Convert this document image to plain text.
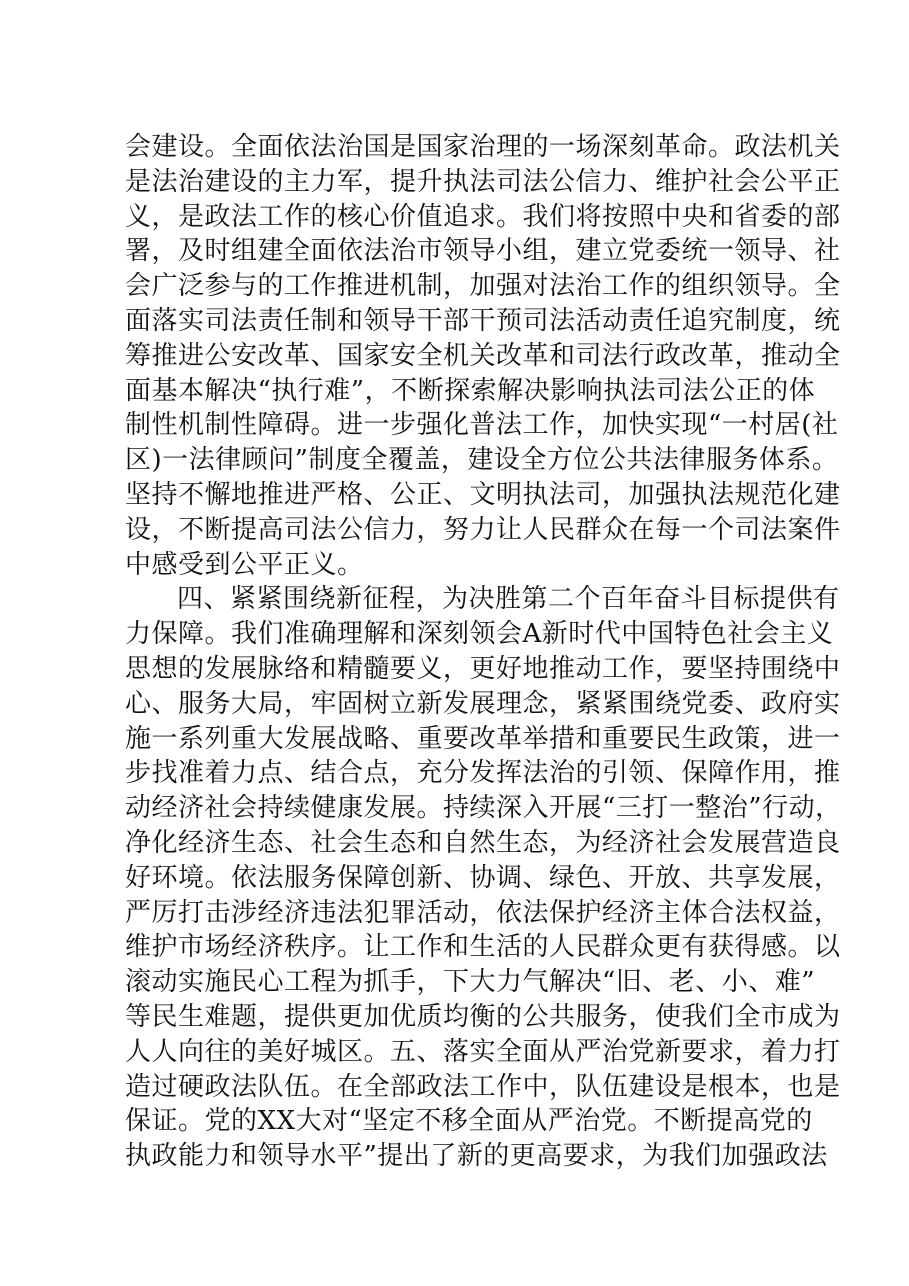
会建设。全面依法治国是国家治理的一场深刻革命。政法机关
是法治建设的主力军，提升执法司法公信力、维护社会公平正
义，是政法工作的核心价值追求。我们将按照中央和省委的部
署，及时组建全面依法治市领导小组，建立党委统一领导、社
会广泛参与的工作推进机制，加强对法治工作的组织领导。全
面落实司法责任制和领导干部干预司法活动责任追究制度，统
筹推进公安改革、国家安全机关改革和司法行政改革，推动全
面基本解决“执行难”，不断探索解决影响执法司法公正的体
制性机制性障碍。进一步强化普法工作，加快实现“一村居(社
区)一法律顾问”制度全覆盖，建设全方位公共法律服务体系。
坚持不懈地推进严格、公正、文明执法司，加强执法规范化建
设，不断提高司法公信力，努力让人民群众在每一个司法案件
中感受到公平正义。
四、紧紧围绕新征程，为决胜第二个百年奋斗目标提供有
力保障。我们准确理解和深刻领会A新时代中国特色社会主义
思想的发展脉络和精髓要义，更好地推动工作，要坚持围绕中
心、服务大局，牢固树立新发展理念，紧紧围绕党委、政府实
施一系列重大发展战略、重要改革举措和重要民生政策，进一
步找准着力点、结合点，充分发挥法治的引领、保障作用，推
动经济社会持续健康发展。持续深入开展“三打一整治”行动，
净化经济生态、社会生态和自然生态，为经济社会发展营造良
好环境。依法服务保障创新、协调、绿色、开放、共享发展，
严厉打击涉经济违法犯罪活动，依法保护经济主体合法权益，
维护市场经济秩序。让工作和生活的人民群众更有获得感。以
滚动实施民心工程为抓手，下大力气解决“旧、老、小、难”
等民生难题，提供更加优质均衡的公共服务，使我们全市成为
人人向往的美好城区。五、落实全面从严治党新要求，着力打
造过硬政法队伍。在全部政法工作中，队伍建设是根本，也是
保证。党的XX大对“坚定不移全面从严治党。不断提高党的
执政能力和领导水平”提出了新的更高要求，为我们加强政法
